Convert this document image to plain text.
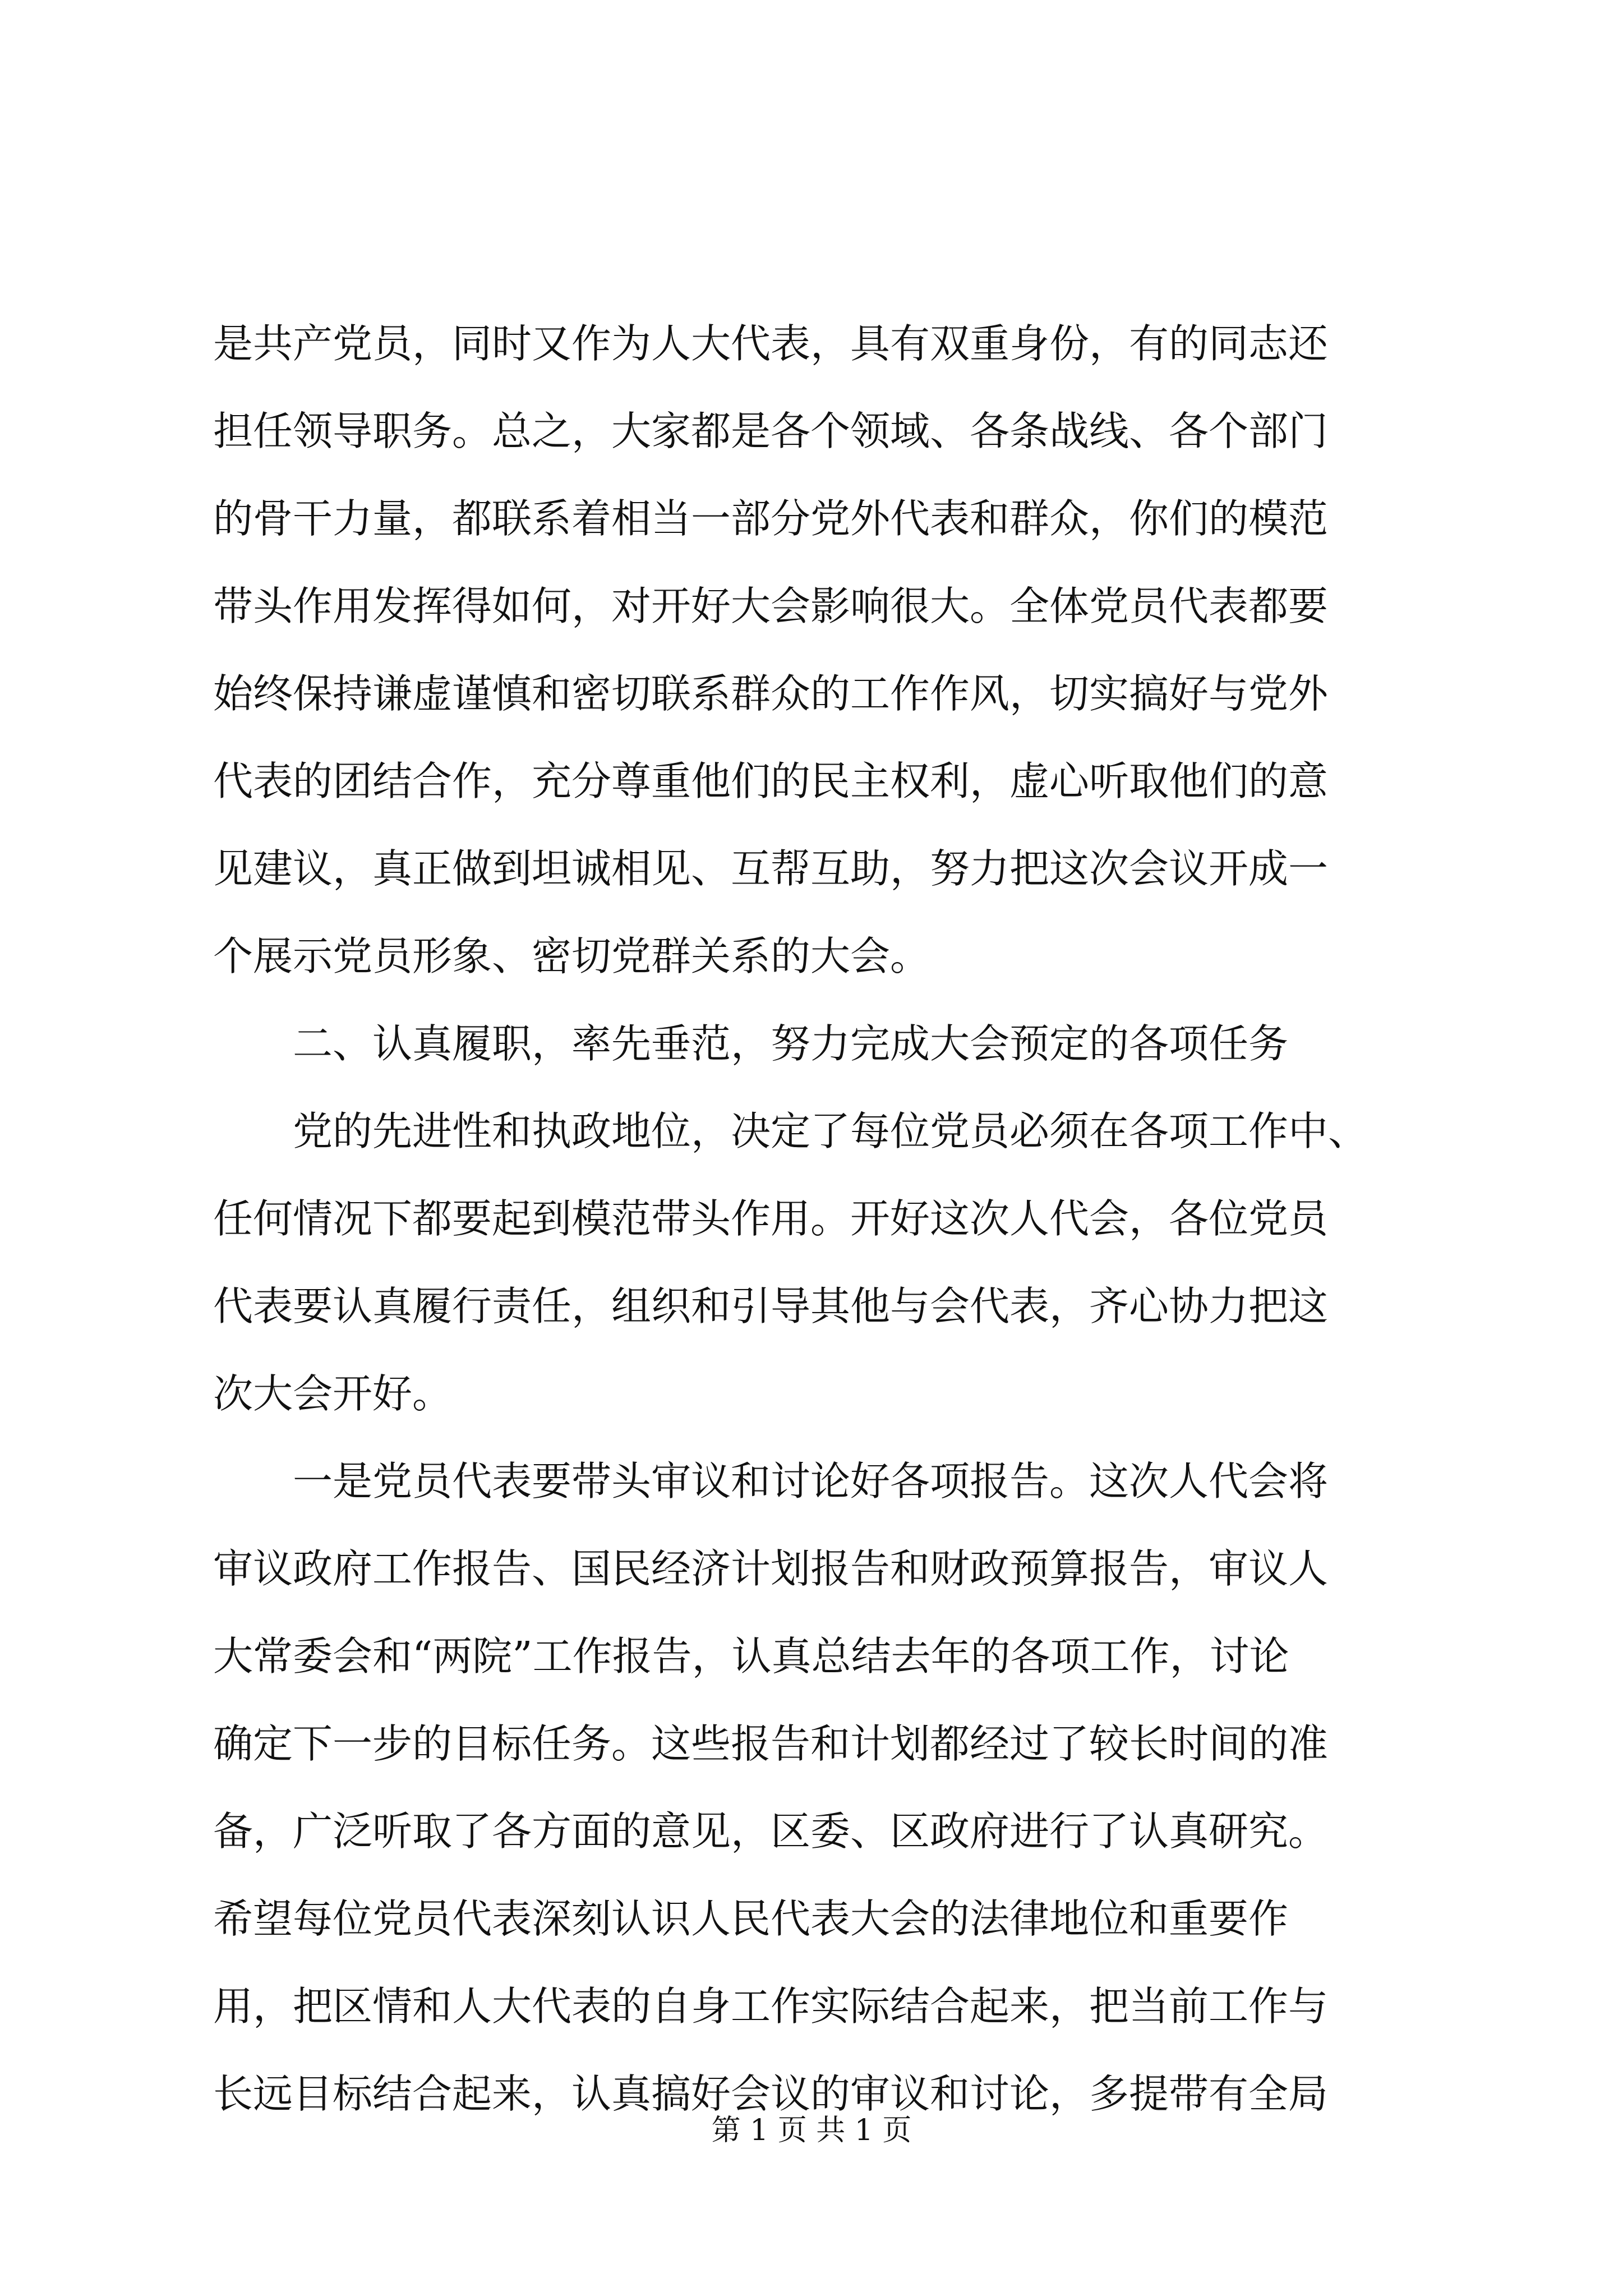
是共产党员，同时又作为人大代表，具有双重身份，有的同志还
担任领导职务。总之，大家都是各个领域、各条战线、各个部门
的骨干力量，都联系着相当一部分党外代表和群众，你们的模范
带头作用发挥得如何，对开好大会影响很大。全体党员代表都要
始终保持谦虚谨慎和密切联系群众的工作作风，切实搞好与党外
代表的团结合作，充分尊重他们的民主权利，虚心听取他们的意
见建议，真正做到坦诚相见、互帮互助，努力把这次会议开成一
个展示党员形象、密切党群关系的大会。
　　二、认真履职，率先垂范，努力完成大会预定的各项任务
　　党的先进性和执政地位，决定了每位党员必须在各项工作中、
任何情况下都要起到模范带头作用。开好这次人代会，各位党员
代表要认真履行责任，组织和引导其他与会代表，齐心协力把这
次大会开好。
　　一是党员代表要带头审议和讨论好各项报告。这次人代会将
审议政府工作报告、国民经济计划报告和财政预算报告，审议人
大常委会和“两院”工作报告，认真总结去年的各项工作，讨论
确定下一步的目标任务。这些报告和计划都经过了较长时间的准
备，广泛听取了各方面的意见，区委、区政府进行了认真研究。
希望每位党员代表深刻认识人民代表大会的法律地位和重要作
用，把区情和人大代表的自身工作实际结合起来，把当前工作与
长远目标结合起来，认真搞好会议的审议和讨论，多提带有全局
第 1 页 共 1 页
